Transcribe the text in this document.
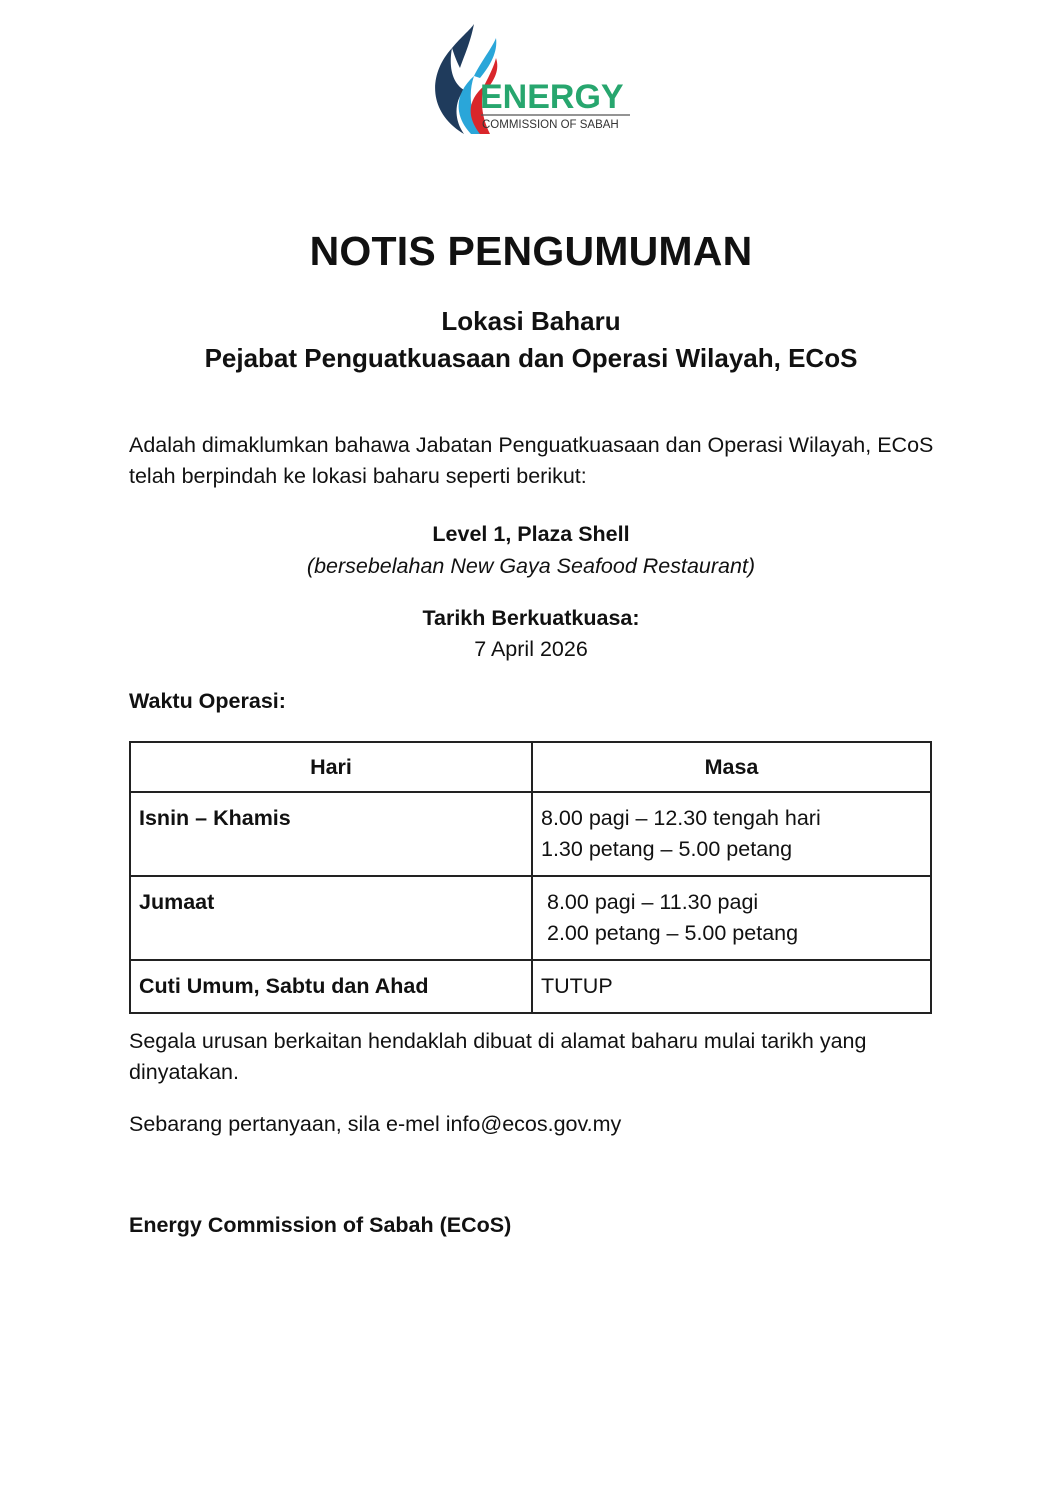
ENERGY
COMMISSION OF SABAH
NOTIS PENGUMUMAN
Lokasi Baharu
Pejabat Penguatkuasaan dan Operasi Wilayah, ECoS
Adalah dimaklumkan bahawa Jabatan Penguatkuasaan dan Operasi Wilayah, ECoS telah berpindah ke lokasi baharu seperti berikut:
Level 1, Plaza Shell
(bersebelahan New Gaya Seafood Restaurant)
Tarikh Berkuatkuasa:
7 April 2026
Waktu Operasi:
Hari	Masa
Isnin – Khamis	8.00 pagi – 12.30 tengah hari
1.30 petang – 5.00 petang

Jumaat	8.00 pagi – 11.30 pagi
2.00 petang – 5.00 petang

Cuti Umum, Sabtu dan Ahad	TUTUP
Segala urusan berkaitan hendaklah dibuat di alamat baharu mulai tarikh yang dinyatakan.
Sebarang pertanyaan, sila e-mel info@ecos.gov.my
Energy Commission of Sabah (ECoS)
